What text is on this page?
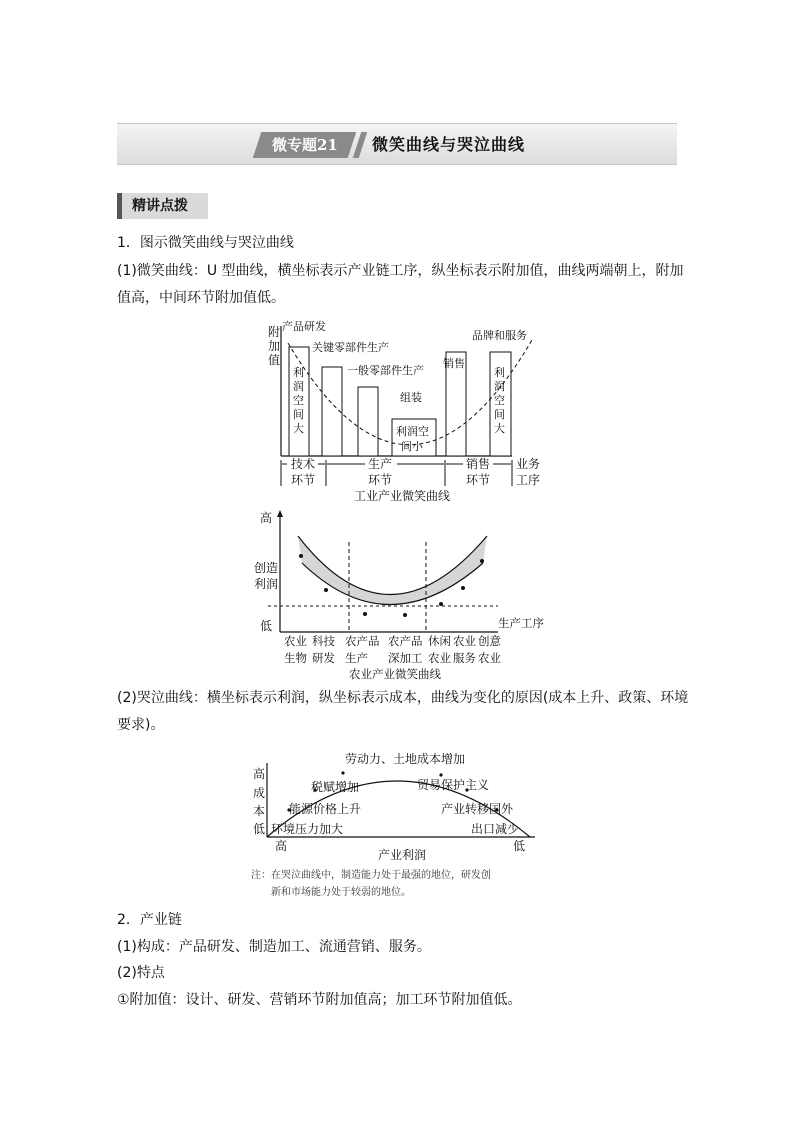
微专题21	微笑曲线与哭泣曲线
精讲点拨
1．图示微笑曲线与哭泣曲线
(1)微笑曲线：U 型曲线，横坐标表示产业链工序，纵坐标表示附加值，曲线两端朝上，附加
值高，中间环节附加值低。
附
加
值
产品研发
关键零部件生产
一般零部件生产
组装
销售
品牌和服务
利
润
空
间
大	利润空
间小
利
润
空
间
大
技术
环节
生产
环节
销售
环节
业务
工序
工业产业微笑曲线
高
创造
利润
低	生产工序
农业
生物
科技
研发
农产品
生产
农产品
深加工
休闲
农业
农业
服务
创意
农业
农业产业微笑曲线
(2)哭泣曲线：横坐标表示利润，纵坐标表示成本，曲线为变化的原因(成本上升、政策、环境
要求)。
高
成
本
低
劳动力、土地成本增加
税赋增加	贸易保护主义
能源价格上升	产业转移国外
环境压力加大	出口减少
高	低
产业利润
注：在哭泣曲线中，制造能力处于最强的地位，研发创
新和市场能力处于较弱的地位。
2．产业链
(1)构成：产品研发、制造加工、流通营销、服务。
(2)特点
①附加值：设计、研发、营销环节附加值高；加工环节附加值低。
